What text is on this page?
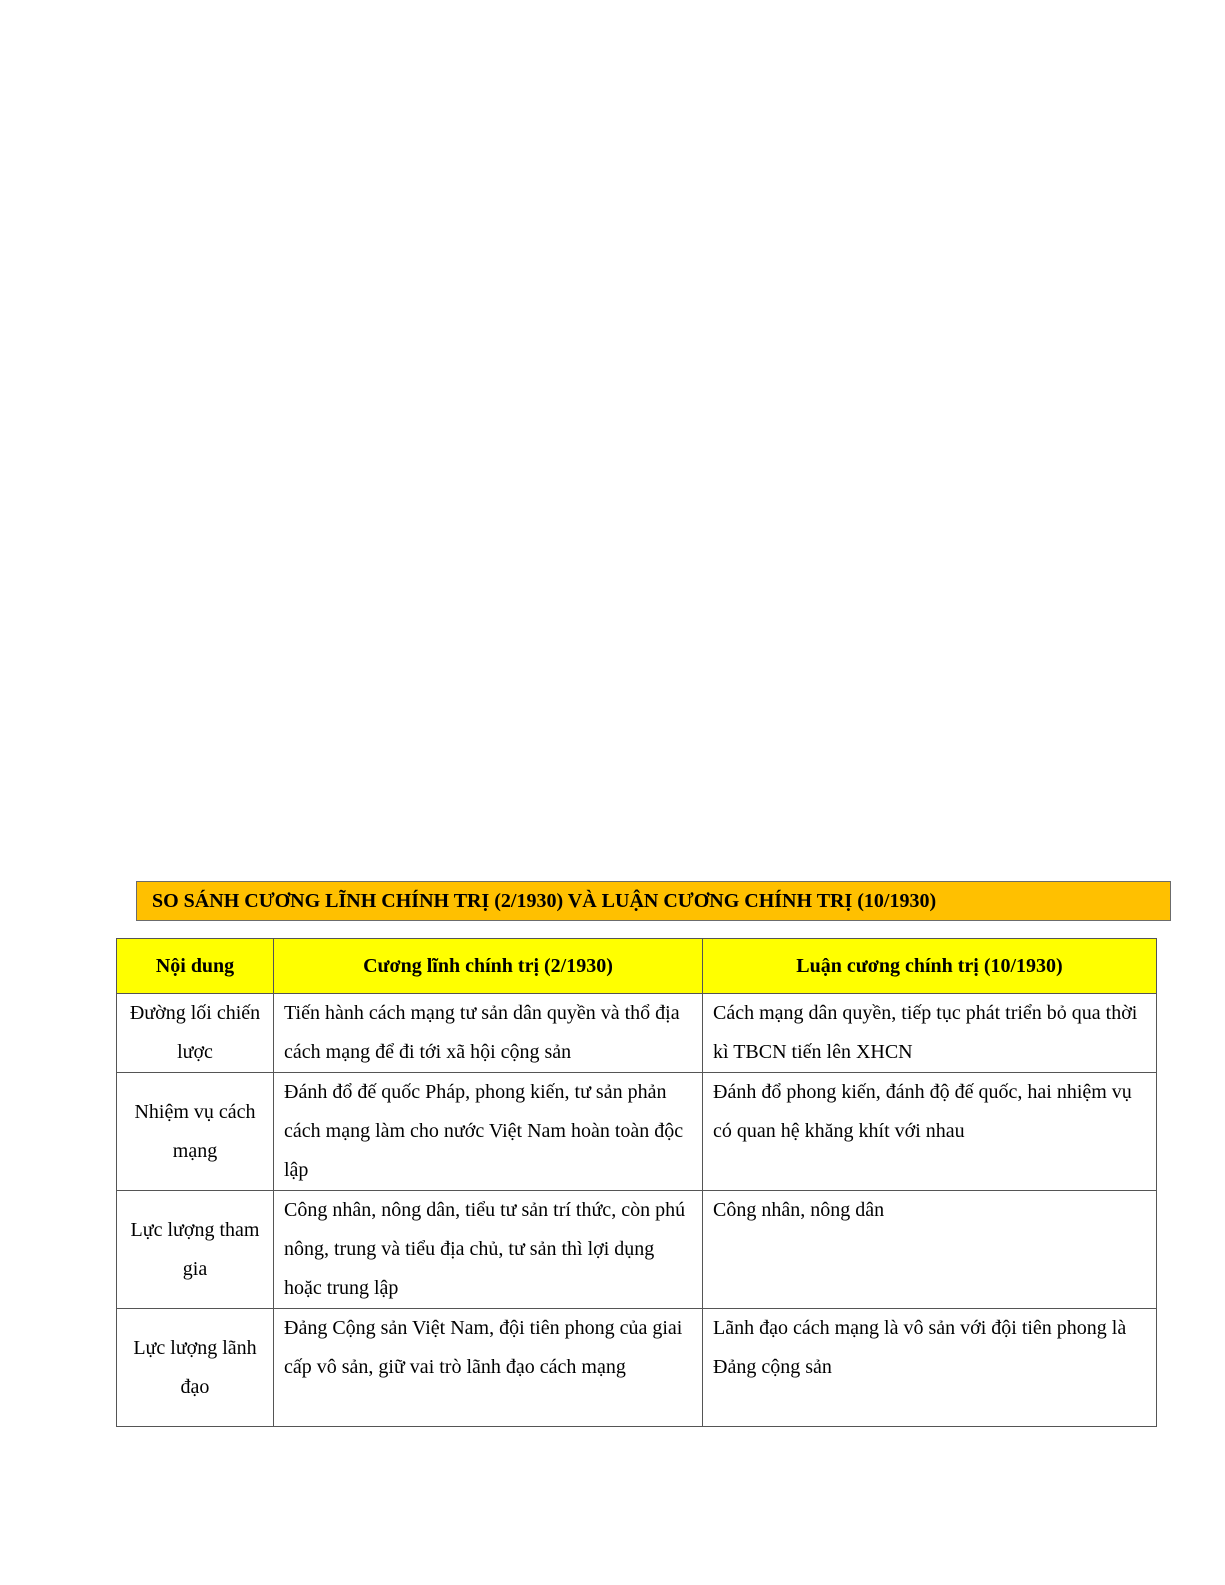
SO SÁNH CƯƠNG LĨNH CHÍNH TRỊ (2/1930) VÀ LUẬN CƯƠNG CHÍNH TRỊ (10/1930)
Nội dung	Cương lĩnh chính trị (2/1930)	Luận cương chính trị (10/1930)
Đường lối chiến lược	Tiến hành cách mạng tư sản dân quyền và thổ địa cách mạng để đi tới xã hội cộng sản	Cách mạng dân quyền, tiếp tục phát triển bỏ qua thời kì TBCN tiến lên XHCN
Nhiệm vụ cách mạng	Đánh đổ đế quốc Pháp, phong kiến, tư sản phản cách mạng làm cho nước Việt Nam hoàn toàn độc lập	Đánh đổ phong kiến, đánh độ đế quốc, hai nhiệm vụ có quan hệ khăng khít với nhau
Lực lượng tham gia	Công nhân, nông dân, tiểu tư sản trí thức, còn phú nông, trung và tiểu địa chủ, tư sản thì lợi dụng hoặc trung lập	Công nhân, nông dân
Lực lượng lãnh đạo	Đảng Cộng sản Việt Nam, đội tiên phong của giai cấp vô sản, giữ vai trò lãnh đạo cách mạng	Lãnh đạo cách mạng là vô sản với đội tiên phong là Đảng cộng sản
